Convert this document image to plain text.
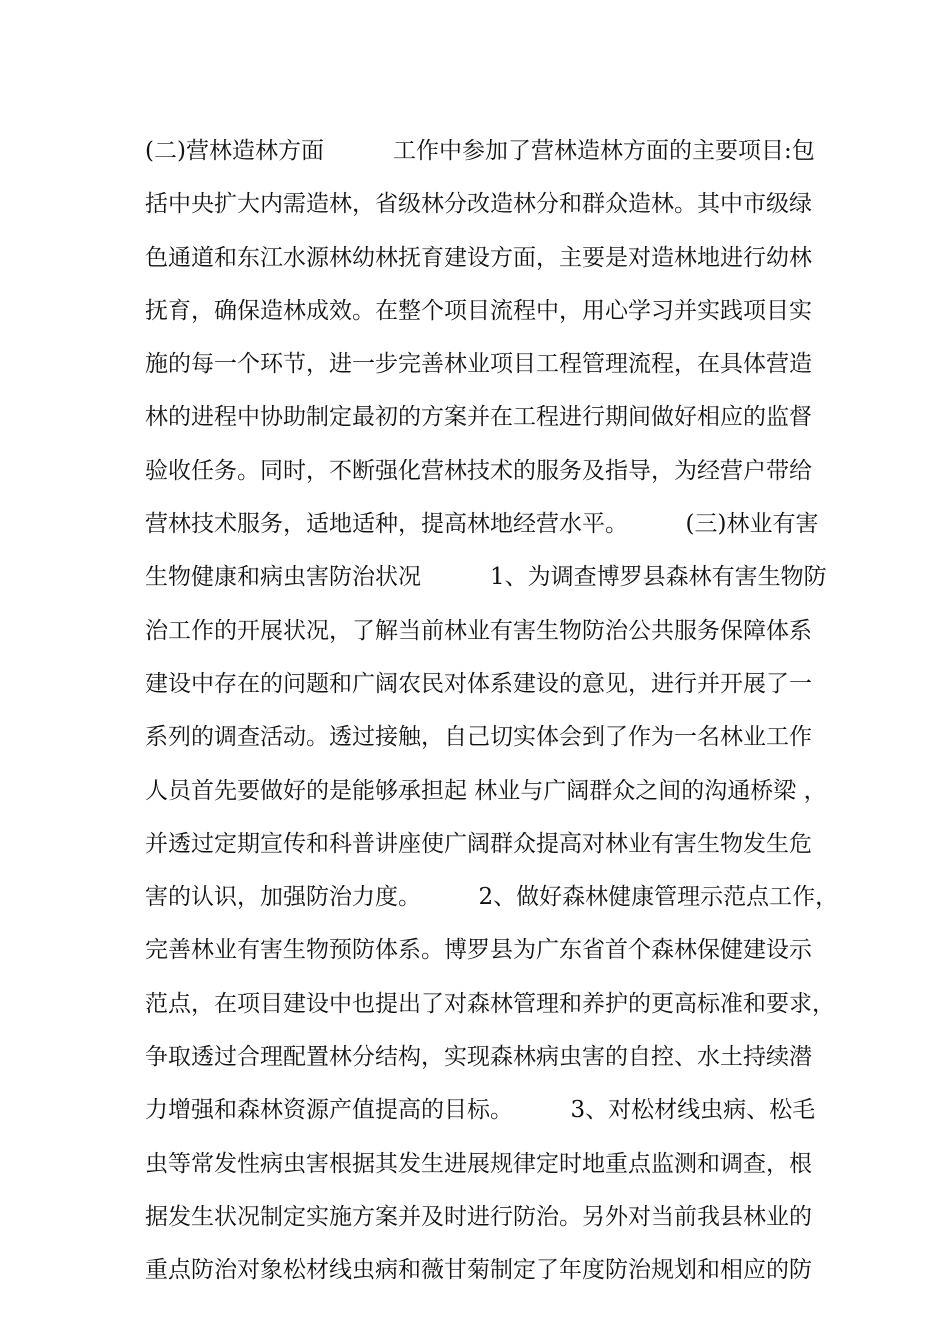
(二)营林造林方面　　　工作中参加了营林造林方面的主要项目:包
括中央扩大内需造林，省级林分改造林分和群众造林。其中市级绿
色通道和东江水源林幼林抚育建设方面，主要是对造林地进行幼林
抚育，确保造林成效。在整个项目流程中，用心学习并实践项目实
施的每一个环节，进一步完善林业项目工程管理流程，在具体营造
林的进程中协助制定最初的方案并在工程进行期间做好相应的监督
验收任务。同时，不断强化营林技术的服务及指导，为经营户带给
营林技术服务，适地适种，提高林地经营水平。　　　(三)林业有害
生物健康和病虫害防治状况　　　1、为调查博罗县森林有害生物防
治工作的开展状况，了解当前林业有害生物防治公共服务保障体系
建设中存在的问题和广阔农民对体系建设的意见，进行并开展了一
系列的调查活动。透过接触，自己切实体会到了作为一名林业工作
人员首先要做好的是能够承担起 林业与广阔群众之间的沟通桥梁 ，
并透过定期宣传和科普讲座使广阔群众提高对林业有害生物发生危
害的认识，加强防治力度。　　　2、做好森林健康管理示范点工作，
完善林业有害生物预防体系。博罗县为广东省首个森林保健建设示
范点，在项目建设中也提出了对森林管理和养护的更高标准和要求，
争取透过合理配置林分结构，实现森林病虫害的自控、水土持续潜
力增强和森林资源产值提高的目标。　　　3、对松材线虫病、松毛
虫等常发性病虫害根据其发生进展规律定时地重点监测和调查，根
据发生状况制定实施方案并及时进行防治。另外对当前我县林业的
重点防治对象松材线虫病和薇甘菊制定了年度防治规划和相应的防
